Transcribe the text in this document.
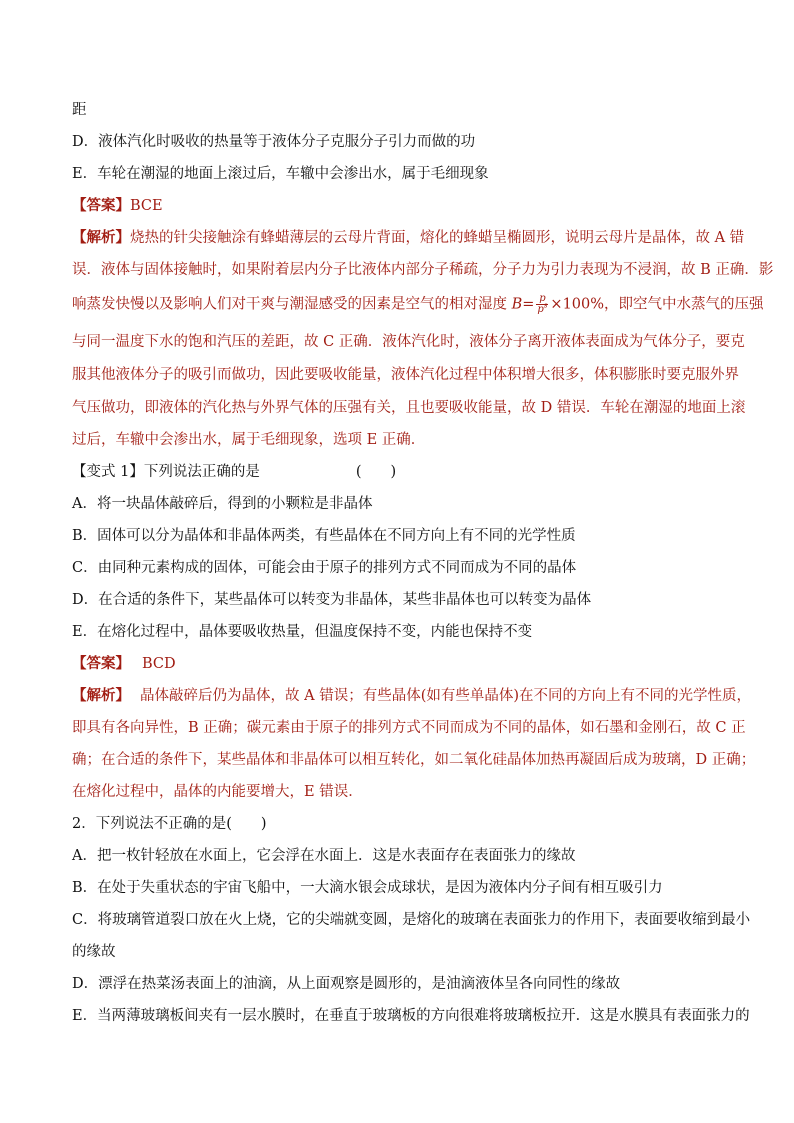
距
D．液体汽化时吸收的热量等于液体分子克服分子引力而做的功
E．车轮在潮湿的地面上滚过后，车辙中会渗出水，属于毛细现象
【答案】BCE
【解析】烧热的针尖接触涂有蜂蜡薄层的云母片背面，熔化的蜂蜡呈椭圆形，说明云母片是晶体，故 A 错
误．液体与固体接触时，如果附着层内分子比液体内部分子稀疏，分子力为引力表现为不浸润，故 B 正确．影
响蒸发快慢以及影响人们对干爽与潮湿感受的因素是空气的相对湿度 $B= \frac{p}{p^s} \times 100\%$，即空气中水蒸气的压强
与同一温度下水的饱和汽压的差距，故 C 正确．液体汽化时，液体分子离开液体表面成为气体分子，要克
服其他液体分子的吸引而做功，因此要吸收能量，液体汽化过程中体积增大很多，体积膨胀时要克服外界
气压做功，即液体的汽化热与外界气体的压强有关，且也要吸收能量，故 D 错误．车轮在潮湿的地面上滚
过后，车辙中会渗出水，属于毛细现象，选项 E 正确．
【变式 1】下列说法正确的是	(　　)
A．将一块晶体敲碎后，得到的小颗粒是非晶体
B．固体可以分为晶体和非晶体两类，有些晶体在不同方向上有不同的光学性质
C．由同种元素构成的固体，可能会由于原子的排列方式不同而成为不同的晶体
D．在合适的条件下，某些晶体可以转变为非晶体，某些非晶体也可以转变为晶体
E．在熔化过程中，晶体要吸收热量，但温度保持不变，内能也保持不变
【答案】 BCD
【解析】 晶体敲碎后仍为晶体，故 A 错误；有些晶体(如有些单晶体)在不同的方向上有不同的光学性质，
即具有各向异性，B 正确；碳元素由于原子的排列方式不同而成为不同的晶体，如石墨和金刚石，故 C 正
确；在合适的条件下，某些晶体和非晶体可以相互转化，如二氧化硅晶体加热再凝固后成为玻璃，D 正确；
在熔化过程中，晶体的内能要增大，E 错误．
2．下列说法不正确的是(　　)
A．把一枚针轻放在水面上，它会浮在水面上．这是水表面存在表面张力的缘故
B．在处于失重状态的宇宙飞船中，一大滴水银会成球状，是因为液体内分子间有相互吸引力
C．将玻璃管道裂口放在火上烧，它的尖端就变圆，是熔化的玻璃在表面张力的作用下，表面要收缩到最小
的缘故
D．漂浮在热菜汤表面上的油滴，从上面观察是圆形的，是油滴液体呈各向同性的缘故
E．当两薄玻璃板间夹有一层水膜时，在垂直于玻璃板的方向很难将玻璃板拉开．这是水膜具有表面张力的
